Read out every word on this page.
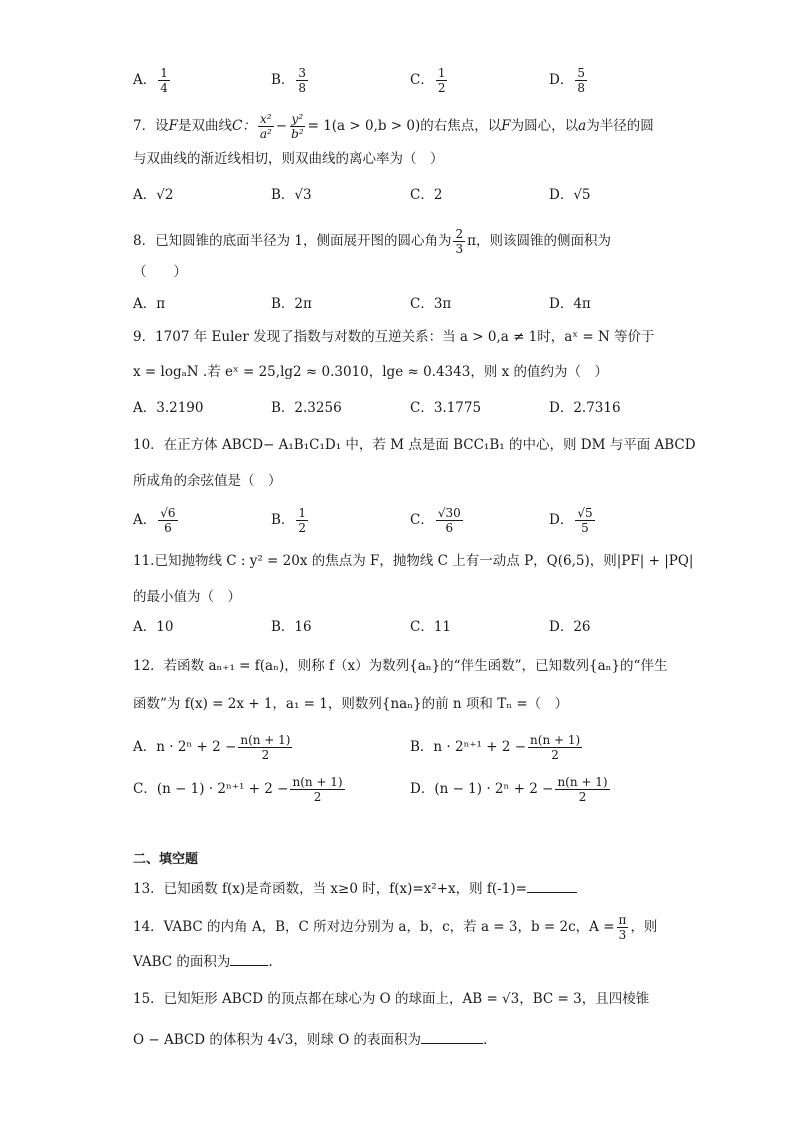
A． $\frac{1}{4}$	B． $\frac{3}{8}$	C． $\frac{1}{2}$	D． $\frac{5}{8}$
7．设F是双曲线C： $\frac{\text{x²}}{\text{a²}} - \frac{\text{y²}}{\text{b²}} = 1(a > 0,b > 0)$的右焦点，以F为圆心，以a为半径的圆
与双曲线的渐近线相切，则双曲线的离心率为（　）
A．√2	B．√3	C．2	D．√5
8．已知圆锥的底面半径为 1，侧面展开图的圆心角为 $\frac{2}{3}$ π，则该圆锥的侧面积为
（　　）
A．π	B．2π	C．3π	D．4π
9．1707 年 Euler 发现了指数与对数的互逆关系：当 a > 0,a ≠ 1时，aˣ = N 等价于
x = logₐN .若 eˣ = 25,lg2 ≈ 0.3010，lge ≈ 0.4343，则 x 的值约为（　）
A．3.2190	B．2.3256	C．3.1775	D．2.7316
10．在正方体 ABCD− A₁B₁C₁D₁ 中，若 M 点是面 BCC₁B₁ 的中心，则 DM 与平面 ABCD
所成角的余弦值是（　）
A． $\frac{√6}{6}$	B． $\frac{1}{2}$	C． $\frac{√30}{6}$	D． $\frac{√5}{5}$
11.已知抛物线 C : y² = 20x 的焦点为 F，抛物线 C 上有一动点 P，Q(6,5)，则|PF| + |PQ|
的最小值为（　）
A．10	B．16	C．11	D．26
12．若函数 aₙ₊₁ = f(aₙ)，则称 f（x）为数列{aₙ}的“伴生函数”，已知数列{aₙ}的“伴生
函数”为 f(x) = 2x + 1，a₁ = 1，则数列{naₙ}的前 n 项和 Tₙ =（　）
A．$n \cdot 2^n + 2 - \frac{n(n + 1)}{2}$	B．$n \cdot 2^{n+1} + 2 - \frac{n(n + 1)}{2}$
C．$(n - 1) \cdot 2^{n+1} + 2 - \frac{n(n + 1)}{2}$	D．$(n - 1) \cdot 2^n + 2 - \frac{n(n + 1)}{2}$
二、填空题
13．已知函数 f(x)是奇函数，当 x≥0 时，f(x)=x²+x，则 f(-1)=
14．VABC 的内角 A，B，C 所对边分别为 a，b，c，若 a = 3，b = 2c，$A = \frac{\pi}{3}$ ，则
VABC 的面积为	.
15．已知矩形 ABCD 的顶点都在球心为 O 的球面上，AB = √3，BC = 3，且四棱锥
O − ABCD 的体积为 4√3，则球 O 的表面积为	.
